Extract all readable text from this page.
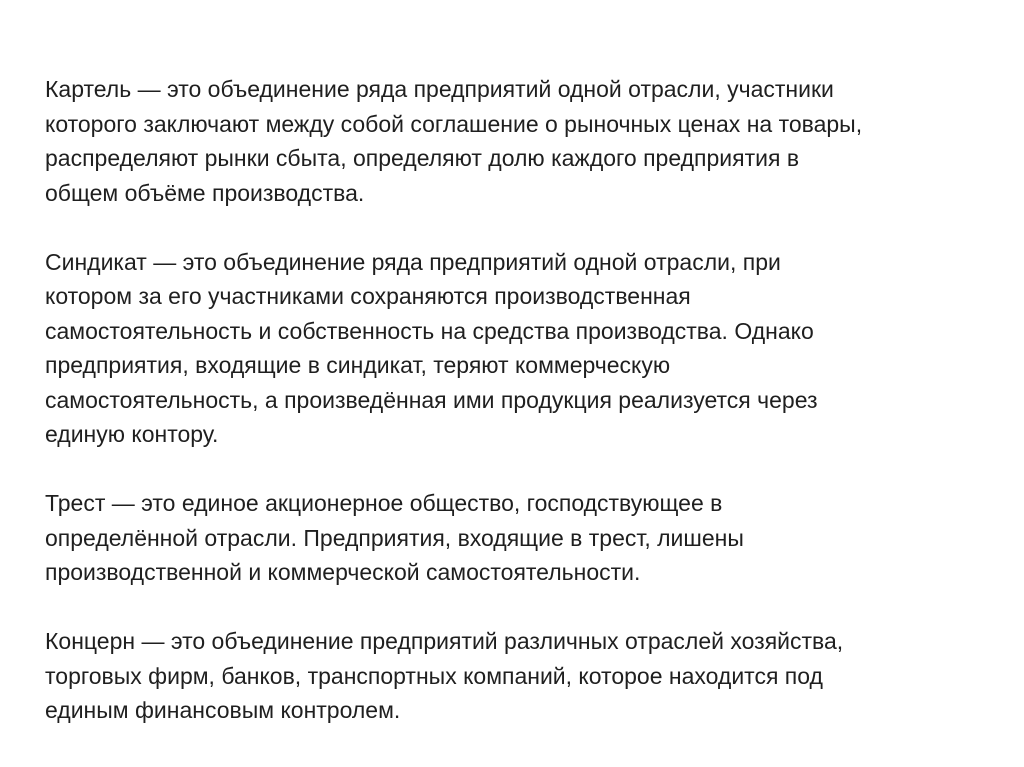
Картель — это объединение ряда предприятий одной отрасли, участники
которого заключают между собой соглашение о рыночных ценах на товары,
распределяют рынки сбыта, определяют долю каждого предприятия в
общем объёме производства.

Синдикат — это объединение ряда предприятий одной отрасли, при
котором за его участниками сохраняются производственная
самостоятельность и собственность на средства производства. Однако
предприятия, входящие в синдикат, теряют коммерческую
самостоятельность, а произведённая ими продукция реализуется через
единую контору.

Трест — это единое акционерное общество, господствующее в
определённой отрасли. Предприятия, входящие в трест, лишены
производственной и коммерческой самостоятельности.

Концерн — это объединение предприятий различных отраслей хозяйства,
торговых фирм, банков, транспортных компаний, которое находится под
единым финансовым контролем.
